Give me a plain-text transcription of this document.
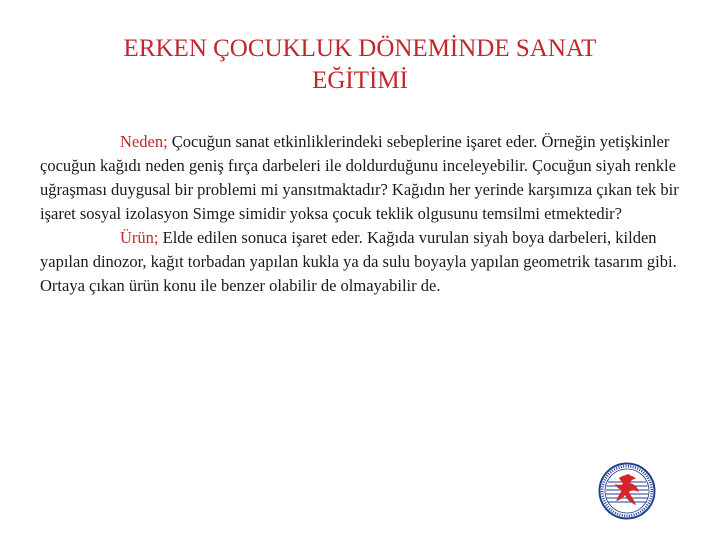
ERKEN ÇOCUKLUK DÖNEMİNDE SANAT
EĞİTİMİ

Neden; Çocuğun sanat etkinliklerindeki sebeplerine işaret eder. Örneğin yetişkinler çocuğun kağıdı neden geniş fırça darbeleri ile doldurduğunu inceleyebilir. Çocuğun siyah renkle uğraşması duygusal bir problemi mi yansıtmaktadır? Kağıdın her yerinde karşımıza çıkan tek bir işaret sosyal izolasyon Simge simidir yoksa çocuk teklik olgusunu temsilmi etmektedir?

Ürün; Elde edilen sonuca işaret eder. Kağıda vurulan siyah boya darbeleri, kilden yapılan dinozor, kağıt torbadan yapılan kukla ya da sulu boyayla yapılan geometrik tasarım gibi. Ortaya çıkan ürün konu ile benzer olabilir de olmayabilir de.
